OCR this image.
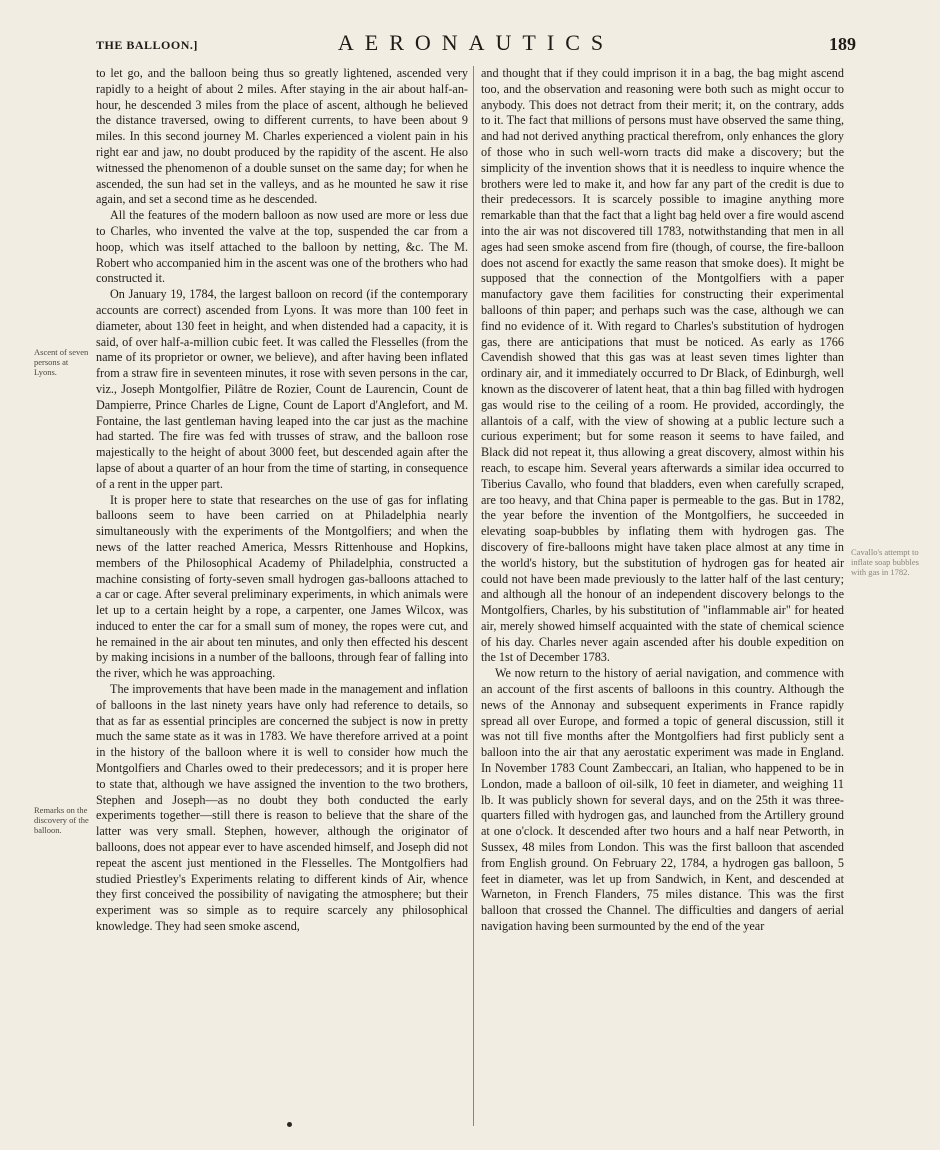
THE BALLOON.]	AERONAUTICS	189
Ascent of seven persons at Lyons.
Remarks on the discovery of the balloon.
Cavallo's attempt to inflate soap bubbles with gas in 1782.

to let go, and the balloon being thus so greatly lightened, ascended very rapidly to a height of about 2 miles. After staying in the air about half-an-hour, he descended 3 miles from the place of ascent, although he believed the distance traversed, owing to different currents, to have been about 9 miles. In this second journey M. Charles experienced a violent pain in his right ear and jaw, no doubt produced by the rapidity of the ascent. He also witnessed the phenomenon of a double sunset on the same day; for when he ascended, the sun had set in the valleys, and as he mounted he saw it rise again, and set a second time as he descended.

All the features of the modern balloon as now used are more or less due to Charles, who invented the valve at the top, suspended the car from a hoop, which was itself attached to the balloon by netting, &c. The M. Robert who accompanied him in the ascent was one of the brothers who had constructed it.

On January 19, 1784, the largest balloon on record (if the contemporary accounts are correct) ascended from Lyons. It was more than 100 feet in diameter, about 130 feet in height, and when distended had a capacity, it is said, of over half-a-million cubic feet. It was called the Flesselles (from the name of its proprietor or owner, we believe), and after having been inflated from a straw fire in seventeen minutes, it rose with seven persons in the car, viz., Joseph Montgolfier, Pilâtre de Rozier, Count de Laurencin, Count de Dampierre, Prince Charles de Ligne, Count de Laport d'Anglefort, and M. Fontaine, the last gentleman having leaped into the car just as the machine had started. The fire was fed with trusses of straw, and the balloon rose majestically to the height of about 3000 feet, but descended again after the lapse of about a quarter of an hour from the time of starting, in consequence of a rent in the upper part.

It is proper here to state that researches on the use of gas for inflating balloons seem to have been carried on at Philadelphia nearly simultaneously with the experiments of the Montgolfiers; and when the news of the latter reached America, Messrs Rittenhouse and Hopkins, members of the Philosophical Academy of Philadelphia, constructed a machine consisting of forty-seven small hydrogen gas-balloons attached to a car or cage. After several preliminary experiments, in which animals were let up to a certain height by a rope, a carpenter, one James Wilcox, was induced to enter the car for a small sum of money, the ropes were cut, and he remained in the air about ten minutes, and only then effected his descent by making incisions in a number of the balloons, through fear of falling into the river, which he was approaching.

The improvements that have been made in the management and inflation of balloons in the last ninety years have only had reference to details, so that as far as essential principles are concerned the subject is now in pretty much the same state as it was in 1783. We have therefore arrived at a point in the history of the balloon where it is well to consider how much the Montgolfiers and Charles owed to their predecessors; and it is proper here to state that, although we have assigned the invention to the two brothers, Stephen and Joseph—as no doubt they both conducted the early experiments together—still there is reason to believe that the share of the latter was very small. Stephen, however, although the originator of balloons, does not appear ever to have ascended himself, and Joseph did not repeat the ascent just mentioned in the Flesselles. The Montgolfiers had studied Priestley's Experiments relating to different kinds of Air, whence they first conceived the possibility of navigating the atmosphere; but their experiment was so simple as to require scarcely any philosophical knowledge. They had seen smoke ascend,

and thought that if they could imprison it in a bag, the bag might ascend too, and the observation and reasoning were both such as might occur to anybody. This does not detract from their merit; it, on the contrary, adds to it. The fact that millions of persons must have observed the same thing, and had not derived anything practical therefrom, only enhances the glory of those who in such well-worn tracts did make a discovery; but the simplicity of the invention shows that it is needless to inquire whence the brothers were led to make it, and how far any part of the credit is due to their predecessors. It is scarcely possible to imagine anything more remarkable than that the fact that a light bag held over a fire would ascend into the air was not discovered till 1783, notwithstanding that men in all ages had seen smoke ascend from fire (though, of course, the fire-balloon does not ascend for exactly the same reason that smoke does). It might be supposed that the connection of the Montgolfiers with a paper manufactory gave them facilities for constructing their experimental balloons of thin paper; and perhaps such was the case, although we can find no evidence of it. With regard to Charles's substitution of hydrogen gas, there are anticipations that must be noticed. As early as 1766 Cavendish showed that this gas was at least seven times lighter than ordinary air, and it immediately occurred to Dr Black, of Edinburgh, well known as the discoverer of latent heat, that a thin bag filled with hydrogen gas would rise to the ceiling of a room. He provided, accordingly, the allantois of a calf, with the view of showing at a public lecture such a curious experiment; but for some reason it seems to have failed, and Black did not repeat it, thus allowing a great discovery, almost within his reach, to escape him. Several years afterwards a similar idea occurred to Tiberius Cavallo, who found that bladders, even when carefully scraped, are too heavy, and that China paper is permeable to the gas. But in 1782, the year before the invention of the Montgolfiers, he succeeded in elevating soap-bubbles by inflating them with hydrogen gas. The discovery of fire-balloons might have taken place almost at any time in the world's history, but the substitution of hydrogen gas for heated air could not have been made previously to the latter half of the last century; and although all the honour of an independent discovery belongs to the Montgolfiers, Charles, by his substitution of "inflammable air" for heated air, merely showed himself acquainted with the state of chemical science of his day. Charles never again ascended after his double expedition on the 1st of December 1783.

We now return to the history of aerial navigation, and commence with an account of the first ascents of balloons in this country. Although the news of the Annonay and subsequent experiments in France rapidly spread all over Europe, and formed a topic of general discussion, still it was not till five months after the Montgolfiers had first publicly sent a balloon into the air that any aerostatic experiment was made in England. In November 1783 Count Zambeccari, an Italian, who happened to be in London, made a balloon of oil-silk, 10 feet in diameter, and weighing 11 lb. It was publicly shown for several days, and on the 25th it was three-quarters filled with hydrogen gas, and launched from the Artillery ground at one o'clock. It descended after two hours and a half near Petworth, in Sussex, 48 miles from London. This was the first balloon that ascended from English ground. On February 22, 1784, a hydrogen gas balloon, 5 feet in diameter, was let up from Sandwich, in Kent, and descended at Warneton, in French Flanders, 75 miles distance. This was the first balloon that crossed the Channel. The difficulties and dangers of aerial navigation having been surmounted by the end of the year
